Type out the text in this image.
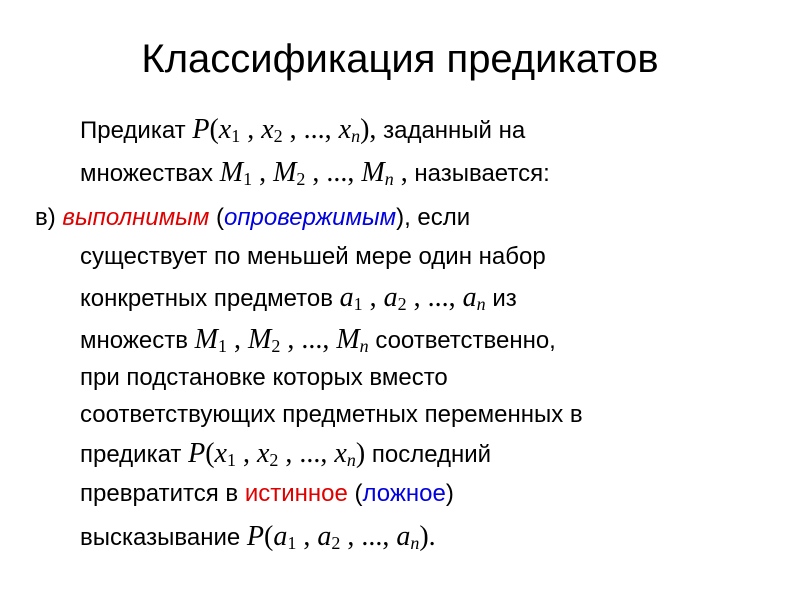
Классификация предикатов
Предикат $P(x_1$ , $x_2$ , ..., $x_n$), заданный на
множествах $M_1$ , $M_2$ , ..., $M_n$ , называется:
в) выполнимым (опровержимым), если
существует по меньшей мере один набор
конкретных предметов $a_1$ , $a_2$ , ..., $a_n$ из
множеств $M_1$ , $M_2$ , ..., $M_n$ соответственно,
при подстановке которых вместо
соответствующих предметных переменных в
предикат $P(x_1$ , $x_2$ , ..., $x_n$) последний
превратится в истинное (ложное)
высказывание $P(a_1$ , $a_2$ , ..., $a_n$).
